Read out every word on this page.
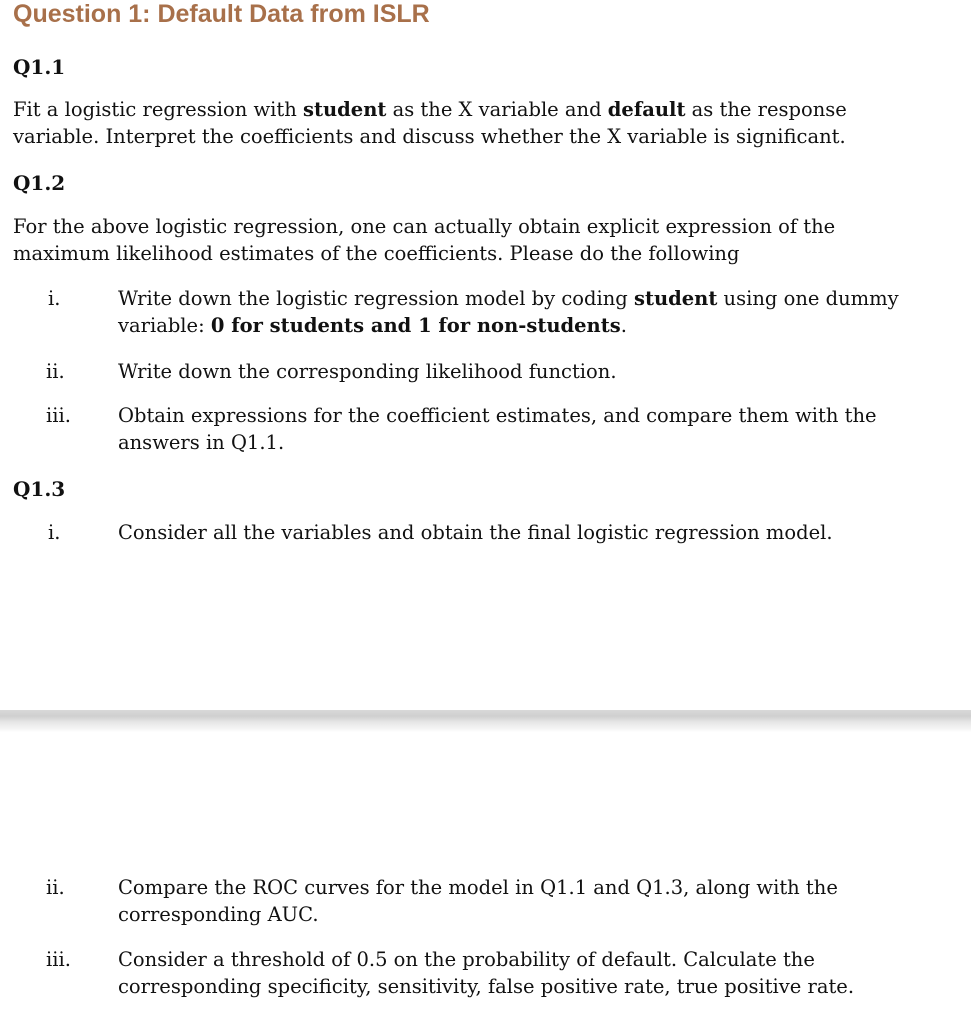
Question 1: Default Data from ISLR
Q1.1
Fit a logistic regression with student as the X variable and default as the response
variable. Interpret the coefficients and discuss whether the X variable is significant.
Q1.2
For the above logistic regression, one can actually obtain explicit expression of the
maximum likelihood estimates of the coefficients. Please do the following
i.	Write down the logistic regression model by coding student using one dummy
variable: 0 for students and 1 for non-students.
ii.	Write down the corresponding likelihood function.
iii. Obtain expressions for the coefficient estimates, and compare them with the
answers in Q1.1.
Q1.3
i.	Consider all the variables and obtain the final logistic regression model.
ii.	Compare the ROC curves for the model in Q1.1 and Q1.3, along with the
corresponding AUC.
iii. Consider a threshold of 0.5 on the probability of default. Calculate the
corresponding specificity, sensitivity, false positive rate, true positive rate.
